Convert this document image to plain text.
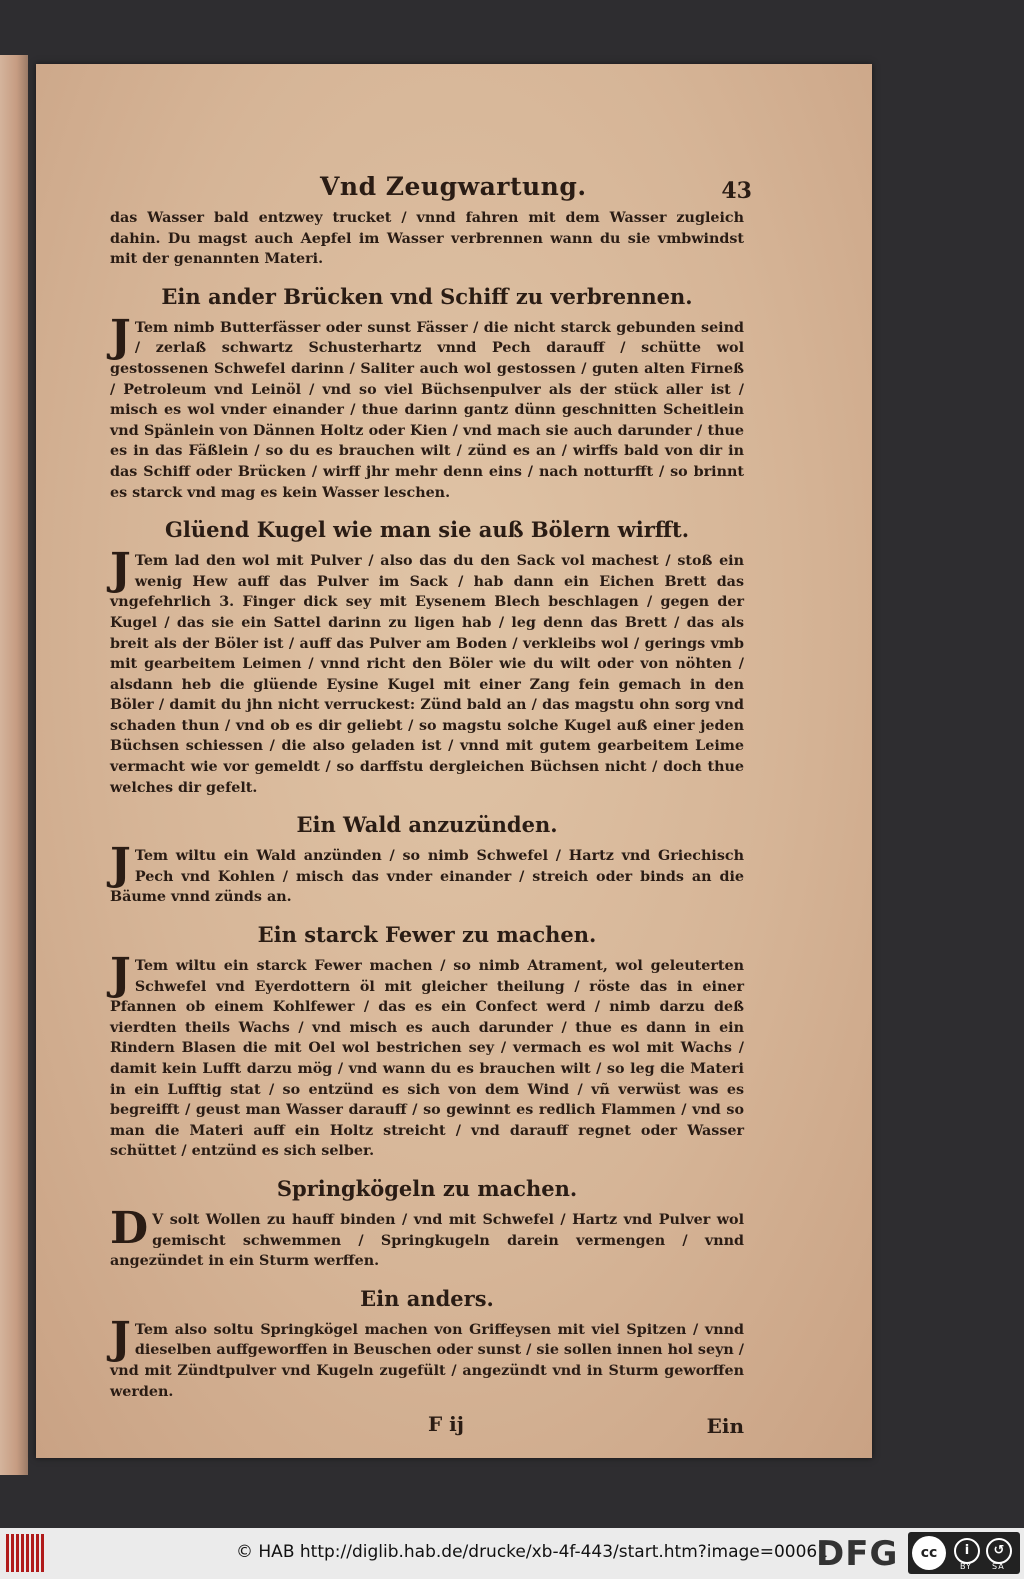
Vnd Zeugwartung.	43

das Wasser bald entzwey trucket / vnnd fahren mit dem Wasser zugleich dahin. Du magst auch Aepfel im Wasser verbrennen wann du sie vmbwindst mit der genannten Materi.

Ein ander Brücken vnd Schiff zu verbrennen.

JTem nimb Butterfässer oder sunst Fässer / die nicht starck gebunden seind / zerlaß schwartz Schusterhartz vnnd Pech darauff / schütte wol gestossenen Schwefel darinn / Saliter auch wol gestossen / guten alten Firneß / Petroleum vnd Leinöl / vnd so viel Büchsenpulver als der stück aller ist / misch es wol vnder einander / thue darinn gantz dünn geschnitten Scheitlein vnd Spänlein von Dännen Holtz oder Kien / vnd mach sie auch darunder / thue es in das Fäßlein / so du es brauchen wilt / zünd es an / wirffs bald von dir in das Schiff oder Brücken / wirff jhr mehr denn eins / nach notturfft / so brinnt es starck vnd mag es kein Wasser leschen.

Glüend Kugel wie man sie auß Bölern wirfft.

JTem lad den wol mit Pulver / also das du den Sack vol machest / stoß ein wenig Hew auff das Pulver im Sack / hab dann ein Eichen Brett das vngefehrlich 3. Finger dick sey mit Eysenem Blech beschlagen / gegen der Kugel / das sie ein Sattel darinn zu ligen hab / leg denn das Brett / das als breit als der Böler ist / auff das Pulver am Boden / verkleibs wol / gerings vmb mit gearbeitem Leimen / vnnd richt den Böler wie du wilt oder von nöhten / alsdann heb die glüende Eysine Kugel mit einer Zang fein gemach in den Böler / damit du jhn nicht verruckest: Zünd bald an / das magstu ohn sorg vnd schaden thun / vnd ob es dir geliebt / so magstu solche Kugel auß einer jeden Büchsen schiessen / die also geladen ist / vnnd mit gutem gearbeitem Leime vermacht wie vor gemeldt / so darffstu dergleichen Büchsen nicht / doch thue welches dir gefelt.

Ein Wald anzuzünden.

JTem wiltu ein Wald anzünden / so nimb Schwefel / Hartz vnd Griechisch Pech vnd Kohlen / misch das vnder einander / streich oder binds an die Bäume vnnd zünds an.

Ein starck Fewer zu machen.

JTem wiltu ein starck Fewer machen / so nimb Atrament, wol geleuterten Schwefel vnd Eyerdottern öl mit gleicher theilung / röste das in einer Pfannen ob einem Kohlfewer / das es ein Confect werd / nimb darzu deß vierdten theils Wachs / vnd misch es auch darunder / thue es dann in ein Rindern Blasen die mit Oel wol bestrichen sey / vermach es wol mit Wachs / damit kein Lufft darzu mög / vnd wann du es brauchen wilt / so leg die Materi in ein Lufftig stat / so entzünd es sich von dem Wind / vñ verwüst was es begreifft / geust man Wasser darauff / so gewinnt es redlich Flammen / vnd so man die Materi auff ein Holtz streicht / vnd darauff regnet oder Wasser schüttet / entzünd es sich selber.

Springkögeln zu machen.

DV solt Wollen zu hauff binden / vnd mit Schwefel / Hartz vnd Pulver wol gemischt schwemmen / Springkugeln darein vermengen / vnnd angezündet in ein Sturm werffen.

Ein anders.

JTem also soltu Springkögel machen von Griffeysen mit viel Spitzen / vnnd dieselben auffgeworffen in Beuschen oder sunst / sie sollen innen hol seyn / vnd mit Zündtpulver vnd Kugeln zugefült / angezündt vnd in Sturm geworffen werden.

F ij	Ein
© HAB http://diglib.hab.de/drucke/xb-4f-443/start.htm?image=00061
DFG	cc	i	↺
BY	SA
